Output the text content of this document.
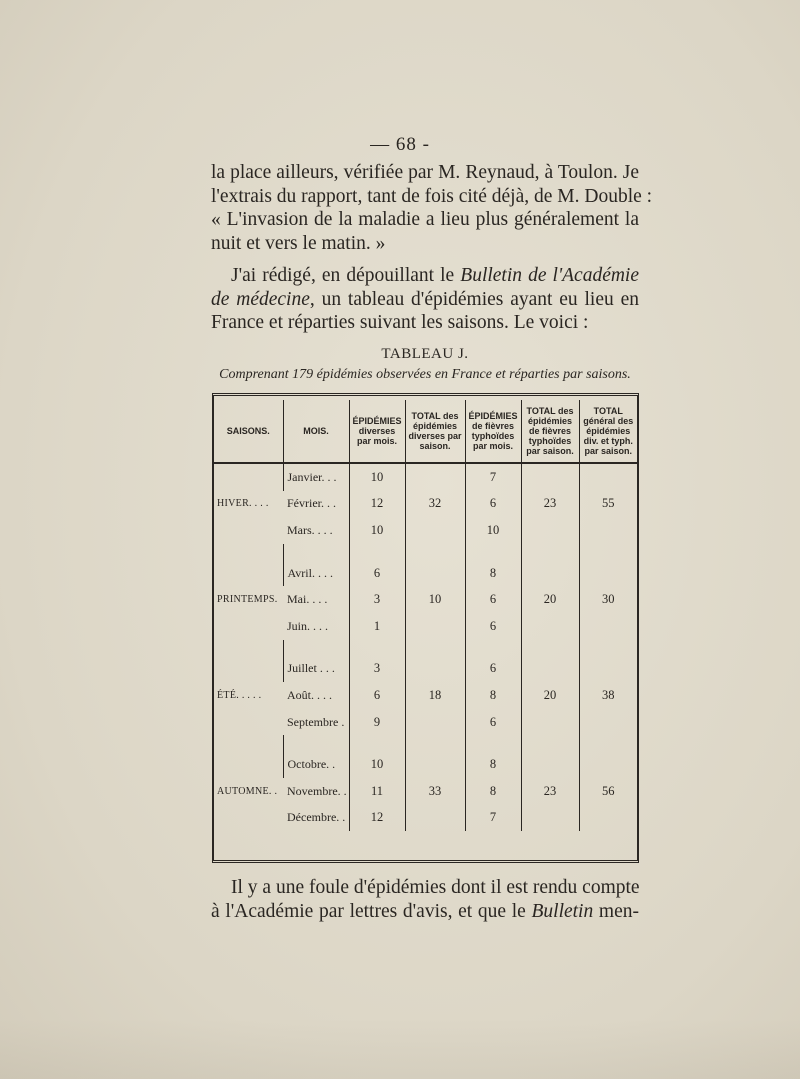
— 68 -
la place ailleurs, vérifiée par M. Reynaud, à Toulon. Je
l'extrais du rapport, tant de fois cité déjà, de M. Double :
« L'invasion de la maladie a lieu plus généralement la
nuit et vers le matin. »
J'ai rédigé, en dépouillant le Bulletin de l'Académie
de médecine, un tableau d'épidémies ayant eu lieu en
France et réparties suivant les saisons. Le voici :
TABLEAU J.
Comprenant 179 épidémies observées en France et réparties par saisons.
SAISONS.	MOIS.	ÉPIDÉMIES diverses par mois.	TOTAL des épidémies diverses par saison.	ÉPIDÉMIES de fièvres typhoïdes par mois.	TOTAL des épidémies de fièvres typhoïdes par saison.	TOTAL général des épidémies div. et typh. par saison.
HIVER. . . .	Janvier. . .	10	32	7	23	55
	Février. . .	12		6		
	Mars. . . .	10		10		

PRINTEMPS.	Avril. . . .	6	10	8	20	30
	Mai. . . .	3		6		
	Juin. . . .	1		6		

ÉTÉ. . . . .	Juillet . . .	3	18	6	20	38
	Août. . . .	6		8		
	Septembre .	9		6		

AUTOMNE. .	Octobre. .	10	33	8	23	56
	Novembre. .	11		8		
	Décembre. .	12		7		
Il y a une foule d'épidémies dont il est rendu compte
à l'Académie par lettres d'avis, et que le Bulletin men-
